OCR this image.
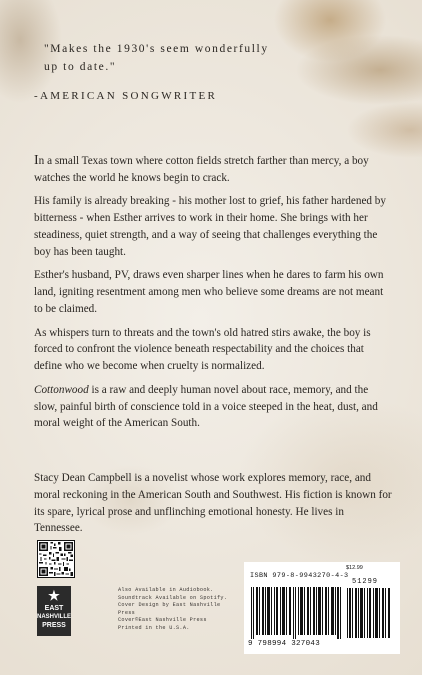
"Makes the 1930's seem wonderfully up to date."
-AMERICAN SONGWRITER

In a small Texas town where cotton fields stretch farther than mercy, a boy watches the world he knows begin to crack.

His family is already breaking - his mother lost to grief, his father hardened by bitterness - when Esther arrives to work in their home. She brings with her steadiness, quiet strength, and a way of seeing that challenges everything the boy has been taught.

Esther's husband, PV, draws even sharper lines when he dares to farm his own land, igniting resentment among men who believe some dreams are not meant to be claimed.

As whispers turn to threats and the town's old hatred stirs awake, the boy is forced to confront the violence beneath respectability and the choices that define who we become when cruelty is normalized.

Cottonwood is a raw and deeply human novel about race, memory, and the slow, painful birth of conscience told in a voice steeped in the heat, dust, and moral weight of the American South.

Stacy Dean Campbell is a novelist whose work explores memory, race, and moral reckoning in the American South and Southwest. His fiction is known for its spare, lyrical prose and unflinching emotional honesty. He lives in Tennessee.
★
EAST
NASHVILLE
PRESS
Also Available in Audiobook.
Soundtrack Available on Spotify.
Cover Design by East Nashville Press
Cover©East Nashville Press
Printed in the U.S.A.
$12.99
ISBN 979-8-9943270-4-3
51299
9 798994 327043
